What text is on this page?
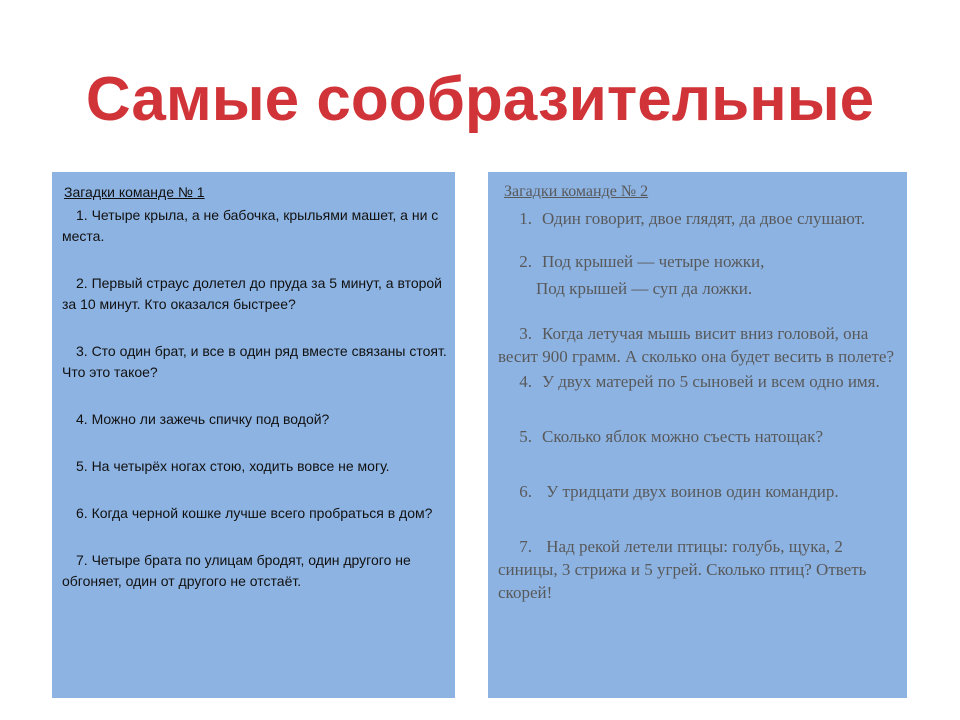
Загадки команде № 1

1. Четыре крыла, а не бабочка, крыльями машет, а ни с места.

2. Первый страус долетел до пруда за 5 минут, а второй за 10 минут. Кто оказался быстрее?

3. Сто один брат, и все в один ряд вместе связаны стоят. Что это такое?

4. Можно ли зажечь спичку под водой?

5. На четырёх ногах стою, ходить вовсе не могу.

6. Когда черной кошке лучше всего пробраться в дом?

7. Четыре брата по улицам бродят, один другого не обгоняет, один от другого не отстаёт.

Загадки команде № 2

1. Один говорит, двое глядят, да двое слушают.

2. Под крышей — четыре ножки,

Под крышей — суп да ложки.

3. Когда летучая мышь висит вниз головой, она весит 900 грамм. А сколько она будет весить в полете?

4. У двух матерей по 5 сыновей и всем одно имя.

5. Сколько яблок можно съесть натощак?

6. У тридцати двух воинов один командир.

7. Над рекой летели птицы: голубь, щука, 2 синицы, 3 стрижа и 5 угрей. Сколько птиц? Ответь скорей!

Самые сообразительные
